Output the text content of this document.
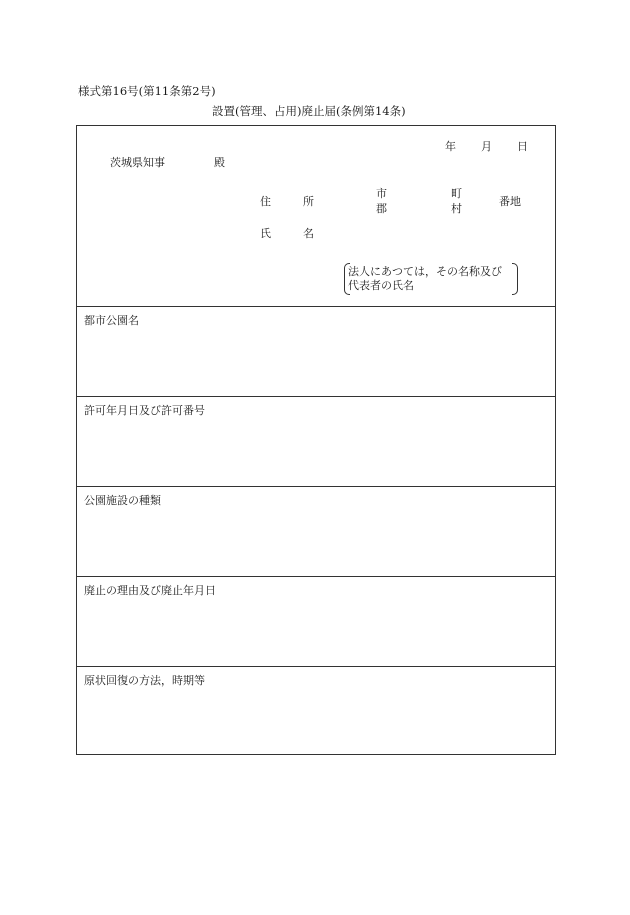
様式第16号(第11条第2号)
設置(管理、占用)廃止届(条例第14条)
年 月 日
茨城県知事	殿
住	所
市
郡
町
村
番地
氏	名
法人にあつては，その名称及び
代表者の氏名
都市公園名
許可年月日及び許可番号
公園施設の種類
廃止の理由及び廃止年月日
原状回復の方法，時期等
